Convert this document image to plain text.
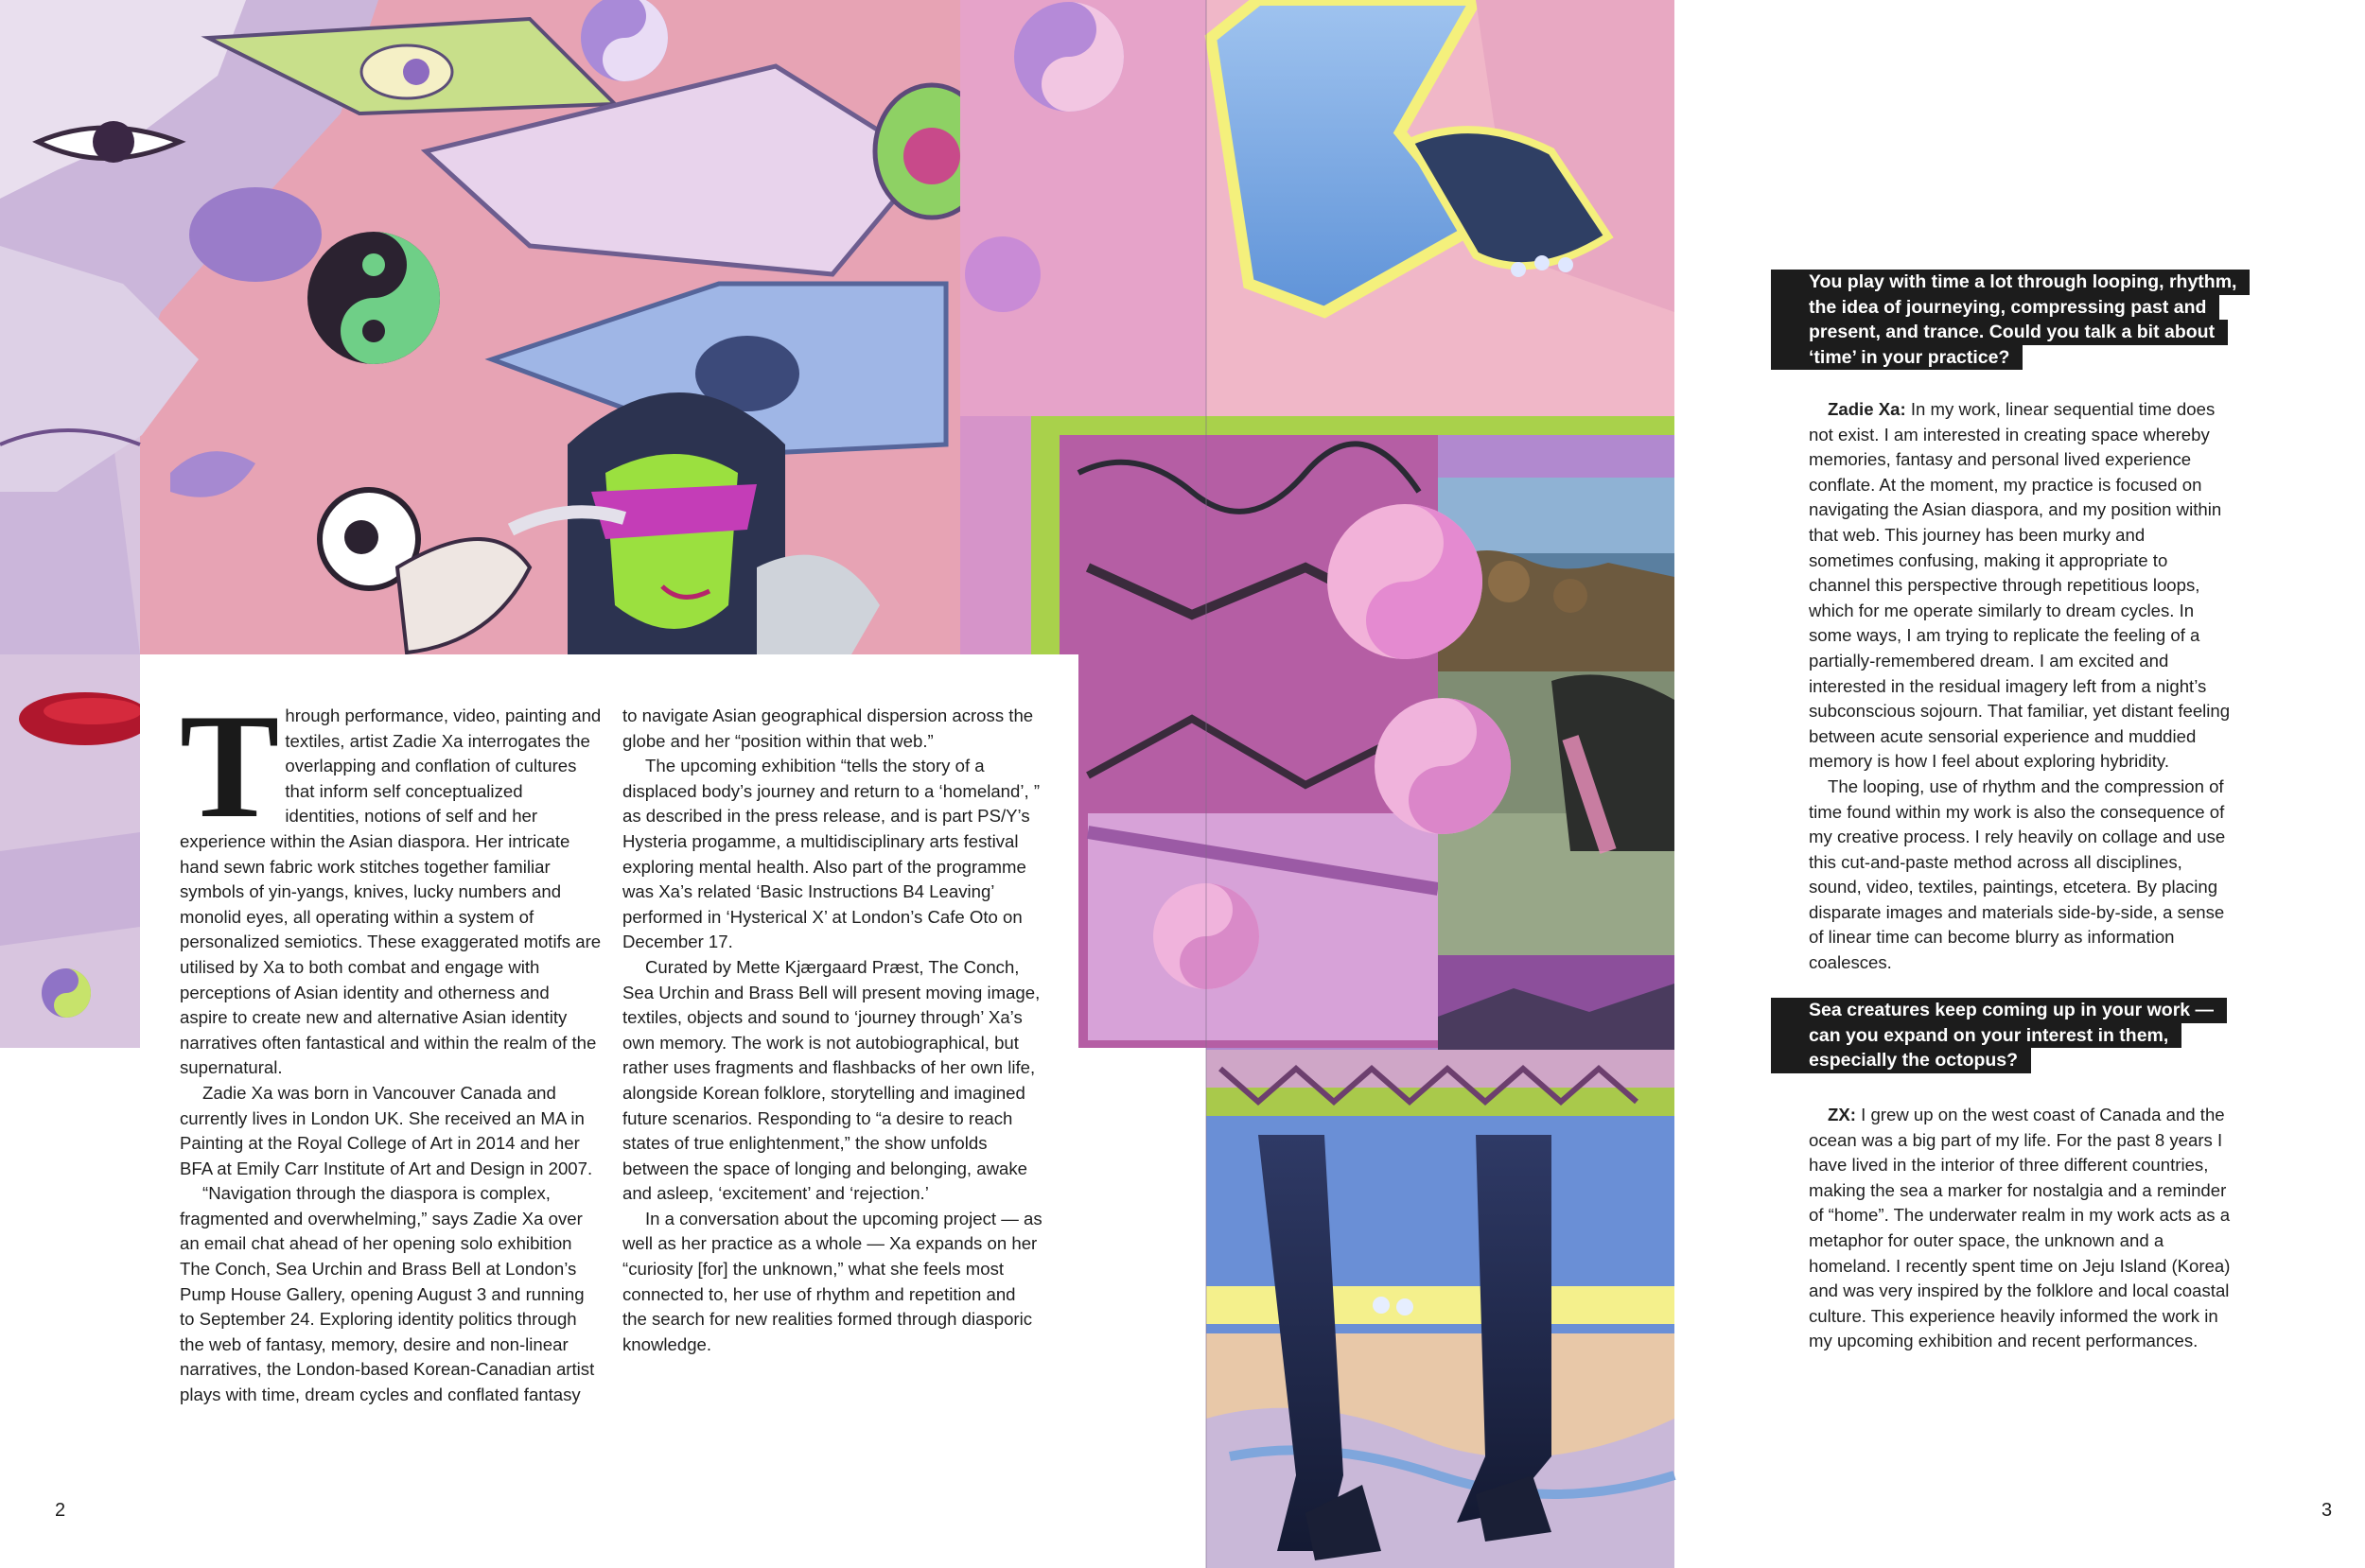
T hrough performance, video, painting and textiles, artist Zadie Xa interrogates the overlapping and conflation of cultures that inform self conceptualized identities, notions of self and her experience within the Asian diaspora. Her intricate hand sewn fabric work stitches together familiar symbols of yin-yangs, knives, lucky numbers and monolid eyes, all operating within a system of personalized semiotics. These exaggerated motifs are utilised by Xa to both combat and engage with perceptions of Asian identity and otherness and aspire to create new and alternative Asian identity narratives often fantastical and within the realm of the supernatural.

Zadie Xa was born in Vancouver Canada and currently lives in London UK. She received an MA in Painting at the Royal College of Art in 2014 and her BFA at Emily Carr Institute of Art and Design in 2007.

“Navigation through the diaspora is complex, fragmented and overwhelming,” says Zadie Xa over an email chat ahead of her opening solo exhibition The Conch, Sea Urchin and Brass Bell at London’s Pump House Gallery, opening August 3 and running to September 24. Exploring identity politics through the web of fantasy, memory, desire and non-linear narratives, the London-based Korean-Canadian artist plays with time, dream cycles and conflated fantasy

to navigate Asian geographical dispersion across the globe and her “position within that web.”

The upcoming exhibition “tells the story of a displaced body’s journey and return to a ‘homeland’, ” as described in the press release, and is part PS/Y’s Hysteria progamme, a multidisciplinary arts festival exploring mental health. Also part of the programme was Xa’s related ‘Basic Instructions B4 Leaving’ performed in ‘Hysterical X’ at London’s Cafe Oto on December 17.

Curated by Mette Kjærgaard Præst, The Conch, Sea Urchin and Brass Bell will present moving image, textiles, objects and sound to ‘journey through’ Xa’s own memory. The work is not autobiographical, but rather uses fragments and flashbacks of her own life, alongside Korean folklore, storytelling and imagined future scenarios. Responding to “a desire to reach states of true enlightenment,” the show unfolds between the space of longing and belonging, awake and asleep, ‘excitement’ and ‘rejection.’

In a conversation about the upcoming project — as well as her practice as a whole — Xa expands on her “curiosity [for] the unknown,” what she feels most connected to, her use of rhythm and repetition and the search for new realities formed through diasporic knowledge.

2
You play with time a lot through looping, rhythm,
the idea of journeying, compressing past and
present, and trance. Could you talk a bit about
‘time’ in your practice?

Zadie Xa: In my work, linear sequential time does not exist. I am interested in creating space whereby memories, fantasy and personal lived experience conflate. At the moment, my practice is focused on navigating the Asian diaspora, and my position within that web. This journey has been murky and sometimes confusing, making it appropriate to channel this perspective through repetitious loops, which for me operate similarly to dream cycles. In some ways, I am trying to replicate the feeling of a partially-remembered dream. I am excited and interested in the residual imagery left from a night’s subconscious sojourn. That familiar, yet distant feeling between acute sensorial experience and muddied memory is how I feel about exploring hybridity.

The looping, use of rhythm and the compression of time found within my work is also the consequence of my creative process. I rely heavily on collage and use this cut-and-paste method across all disciplines, sound, video, textiles, paintings, etcetera. By placing disparate images and materials side-by-side, a sense of linear time can become blurry as information coalesces.

Sea creatures keep coming up in your work —
can you expand on your interest in them,
especially the octopus?

ZX: I grew up on the west coast of Canada and the ocean was a big part of my life. For the past 8 years I have lived in the interior of three different countries, making the sea a marker for nostalgia and a reminder of “home”. The underwater realm in my work acts as a metaphor for outer space, the unknown and a homeland. I recently spent time on Jeju Island (Korea) and was very inspired by the folklore and local coastal culture. This experience heavily informed the work in my upcoming exhibition and recent performances.

3
